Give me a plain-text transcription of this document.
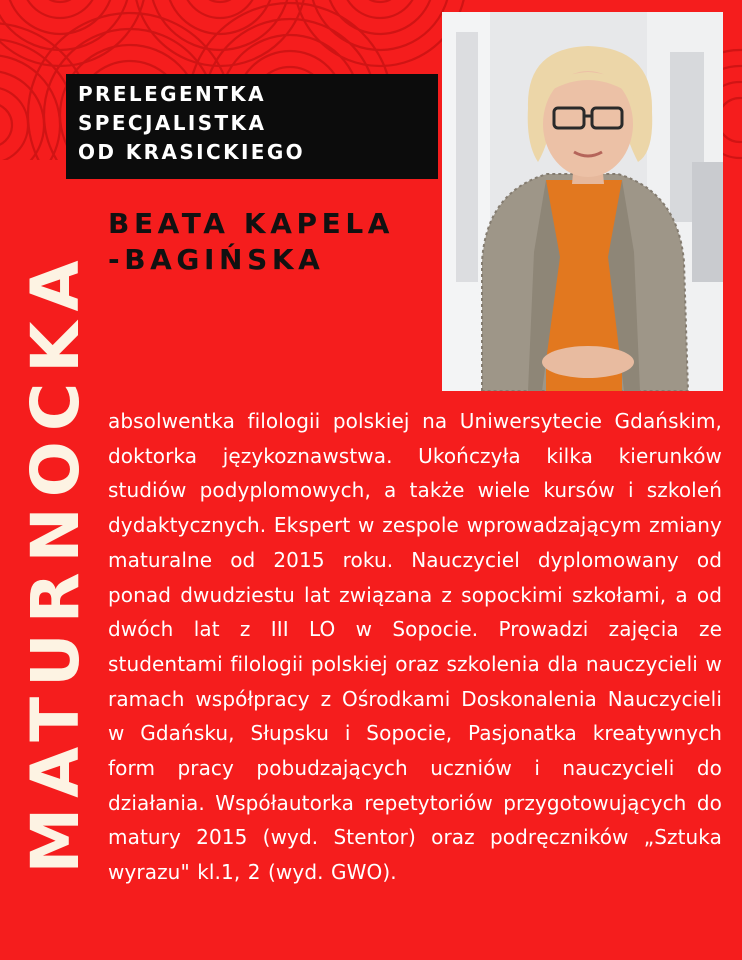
PRELEGENTKA
SPECJALISTKA
OD KRASICKIEGO
BEATA KAPELA
-BAGIŃSKA
MATURNOCKA absolwentka filologii polskiej na Uniwersytecie Gdańskim, doktorka językoznawstwa. Ukończyła kilka kierunków studiów podyplomowych, a także wiele kursów i szkoleń dydaktycznych. Ekspert w zespole wprowadzającym zmiany maturalne od 2015 roku. Nauczyciel dyplomowany od ponad dwudziestu lat związana z sopockimi szkołami, a od dwóch lat z III LO w Sopocie. Prowadzi zajęcia ze studentami filologii polskiej oraz szkolenia dla nauczycieli w ramach współpracy z Ośrodkami Doskonalenia Nauczycieli w Gdańsku, Słupsku i Sopocie, Pasjonatka kreatywnych form pracy pobudzających uczniów i nauczycieli do działania. Współautorka repetytoriów przygotowujących do matury 2015 (wyd. Stentor) oraz podręczników „Sztuka wyrazu" kl.1, 2 (wyd. GWO).
